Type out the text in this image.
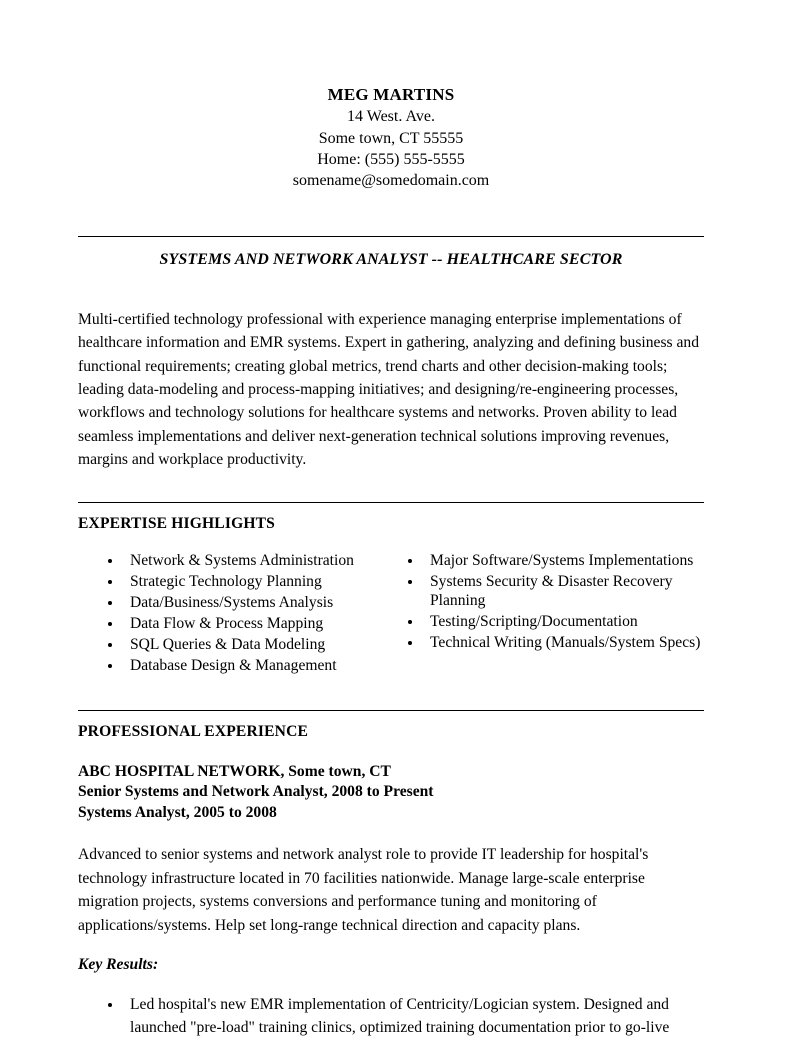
MEG MARTINS
14 West. Ave.
Some town, CT 55555
Home: (555) 555-5555
somename@somedomain.com
SYSTEMS AND NETWORK ANALYST -- HEALTHCARE SECTOR

Multi-certified technology professional with experience managing enterprise implementations of healthcare information and EMR systems. Expert in gathering, analyzing and defining business and functional requirements; creating global metrics, trend charts and other decision-making tools; leading data-modeling and process-mapping initiatives; and designing/re-engineering processes, workflows and technology solutions for healthcare systems and networks. Proven ability to lead seamless implementations and deliver next-generation technical solutions improving revenues, margins and workplace productivity.

EXPERTISE HIGHLIGHTS
Network & Systems Administration
Strategic Technology Planning
Data/Business/Systems Analysis
Data Flow & Process Mapping
SQL Queries & Data Modeling
Database Design & Management
Major Software/Systems Implementations
Systems Security & Disaster Recovery Planning
Testing/Scripting/Documentation
Technical Writing (Manuals/System Specs)
PROFESSIONAL EXPERIENCE
ABC HOSPITAL NETWORK, Some town, CT
Senior Systems and Network Analyst, 2008 to Present
Systems Analyst, 2005 to 2008

Advanced to senior systems and network analyst role to provide IT leadership for hospital's technology infrastructure located in 70 facilities nationwide. Manage large-scale enterprise migration projects, systems conversions and performance tuning and monitoring of applications/systems. Help set long-range technical direction and capacity plans.

Key Results:
Led hospital's new EMR implementation of Centricity/Logician system. Designed and launched "pre-load" training clinics, optimized training documentation prior to go-live
